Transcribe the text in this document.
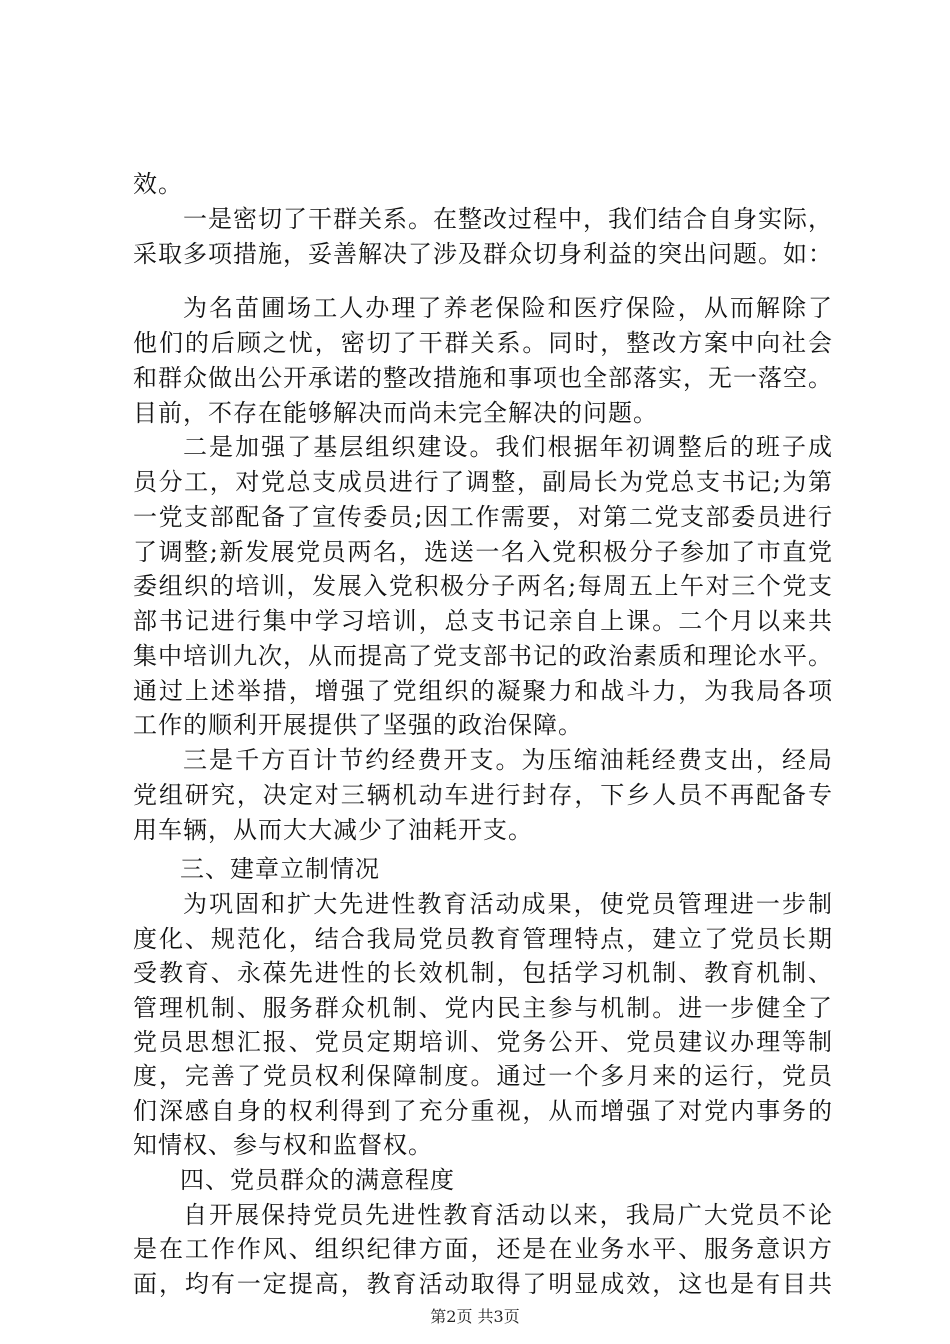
效。
一是密切了干群关系。在整改过程中，我们结合自身实际，
采取多项措施，妥善解决了涉及群众切身利益的突出问题。如：
为名苗圃场工人办理了养老保险和医疗保险，从而解除了
他们的后顾之忧，密切了干群关系。同时，整改方案中向社会
和群众做出公开承诺的整改措施和事项也全部落实，无一落空。
目前，不存在能够解决而尚未完全解决的问题。
二是加强了基层组织建设。我们根据年初调整后的班子成
员分工，对党总支成员进行了调整，副局长为党总支书记;为第
一党支部配备了宣传委员;因工作需要，对第二党支部委员进行
了调整;新发展党员两名，选送一名入党积极分子参加了市直党
委组织的培训，发展入党积极分子两名;每周五上午对三个党支
部书记进行集中学习培训，总支书记亲自上课。二个月以来共
集中培训九次，从而提高了党支部书记的政治素质和理论水平。
通过上述举措，增强了党组织的凝聚力和战斗力，为我局各项
工作的顺利开展提供了坚强的政治保障。
三是千方百计节约经费开支。为压缩油耗经费支出，经局
党组研究，决定对三辆机动车进行封存，下乡人员不再配备专
用车辆，从而大大减少了油耗开支。
三、建章立制情况
为巩固和扩大先进性教育活动成果，使党员管理进一步制
度化、规范化，结合我局党员教育管理特点，建立了党员长期
受教育、永葆先进性的长效机制，包括学习机制、教育机制、
管理机制、服务群众机制、党内民主参与机制。进一步健全了
党员思想汇报、党员定期培训、党务公开、党员建议办理等制
度，完善了党员权利保障制度。通过一个多月来的运行，党员
们深感自身的权利得到了充分重视，从而增强了对党内事务的
知情权、参与权和监督权。
四、党员群众的满意程度
自开展保持党员先进性教育活动以来，我局广大党员不论
是在工作作风、组织纪律方面，还是在业务水平、服务意识方
面，均有一定提高，教育活动取得了明显成效，这也是有目共
第2页 共3页
